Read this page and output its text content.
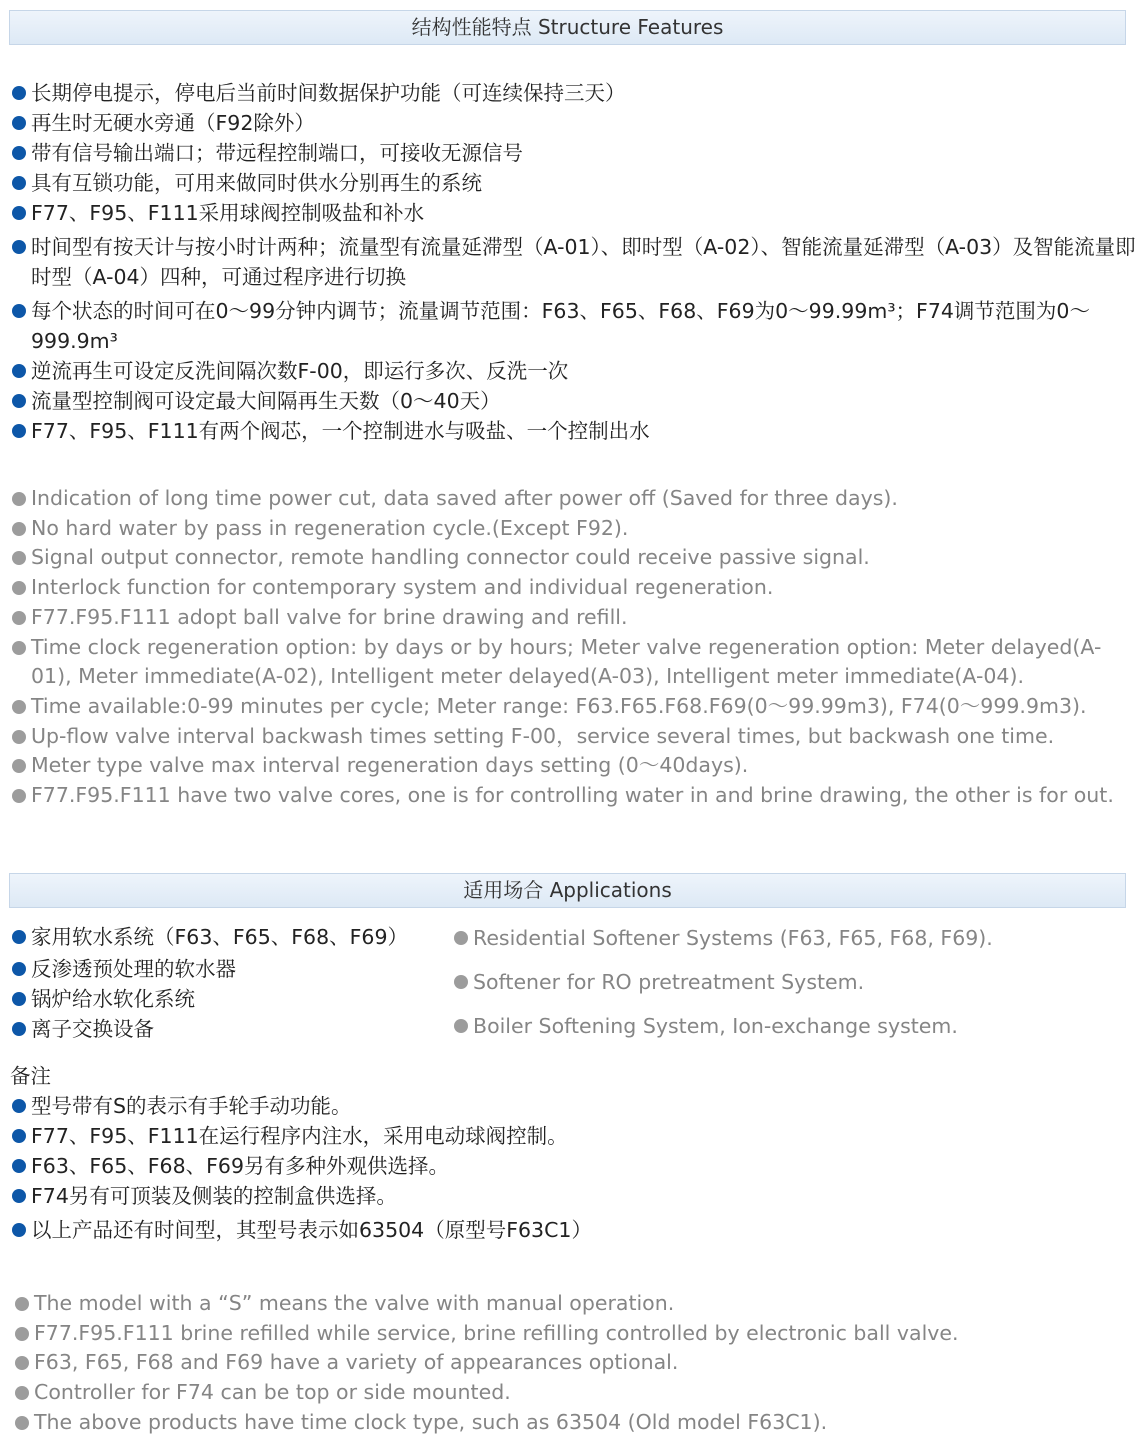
结构性能特点 Structure Features
长期停电提示，停电后当前时间数据保护功能（可连续保持三天）
再生时无硬水旁通（F92除外）
带有信号输出端口；带远程控制端口，可接收无源信号
具有互锁功能，可用来做同时供水分别再生的系统
F77、F95、F111采用球阀控制吸盐和补水
时间型有按天计与按小时计两种；流量型有流量延滞型（A-01）、即时型（A-02）、智能流量延滞型（A-03）及智能流量即时型（A-04）四种，可通过程序进行切换
每个状态的时间可在0～99分钟内调节；流量调节范围：F63、F65、F68、F69为0～99.99m³；F74调节范围为0～999.9m³
逆流再生可设定反洗间隔次数F-00，即运行多次、反洗一次
流量型控制阀可设定最大间隔再生天数（0～40天）
F77、F95、F111有两个阀芯，一个控制进水与吸盐、一个控制出水
Indication of long time power cut, data saved after power off (Saved for three days).
No hard water by pass in regeneration cycle.(Except F92).
Signal output connector, remote handling connector could receive passive signal.
Interlock function for contemporary system and individual regeneration.
F77.F95.F111 adopt ball valve for brine drawing and refill.
Time clock regeneration option: by days or by hours; Meter valve regeneration option: Meter delayed(A-01), Meter immediate(A-02), Intelligent meter delayed(A-03), Intelligent meter immediate(A-04).
Time available:0-99 minutes per cycle; Meter range: F63.F65.F68.F69(0～99.99m3), F74(0～999.9m3).
Up-flow valve interval backwash times setting F-00，service several times, but backwash one time.
Meter type valve max interval regeneration days setting (0～40days).
F77.F95.F111 have two valve cores, one is for controlling water in and brine drawing, the other is for out.
适用场合 Applications
家用软水系统（F63、F65、F68、F69）
反渗透预处理的软水器
锅炉给水软化系统
离子交换设备
Residential Softener Systems (F63, F65, F68, F69).
Softener for RO pretreatment System.
Boiler Softening System, Ion-exchange system.
备注
型号带有S的表示有手轮手动功能。
F77、F95、F111在运行程序内注水，采用电动球阀控制。
F63、F65、F68、F69另有多种外观供选择。
F74另有可顶装及侧装的控制盒供选择。
以上产品还有时间型，其型号表示如63504（原型号F63C1）
The model with a “S” means the valve with manual operation.
F77.F95.F111 brine refilled while service, brine refilling controlled by electronic ball valve.
F63, F65, F68 and F69 have a variety of appearances optional.
Controller for F74 can be top or side mounted.
The above products have time clock type, such as 63504 (Old model F63C1).
